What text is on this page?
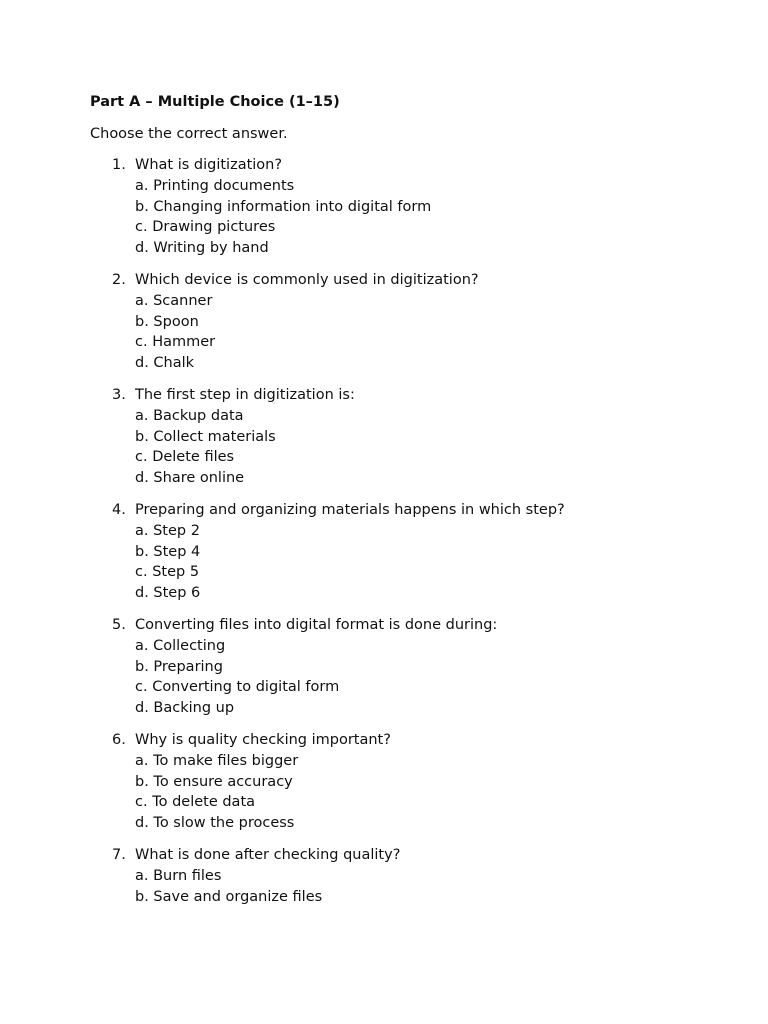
Part A – Multiple Choice (1–15)
Choose the correct answer.
1. What is digitization?
a. Printing documents
b. Changing information into digital form
c. Drawing pictures
d. Writing by hand
2. Which device is commonly used in digitization?
a. Scanner
b. Spoon
c. Hammer
d. Chalk
3. The first step in digitization is:
a. Backup data
b. Collect materials
c. Delete files
d. Share online
4. Preparing and organizing materials happens in which step?
a. Step 2
b. Step 4
c. Step 5
d. Step 6
5. Converting files into digital format is done during:
a. Collecting
b. Preparing
c. Converting to digital form
d. Backing up
6. Why is quality checking important?
a. To make files bigger
b. To ensure accuracy
c. To delete data
d. To slow the process
7. What is done after checking quality?
a. Burn files
b. Save and organize files
